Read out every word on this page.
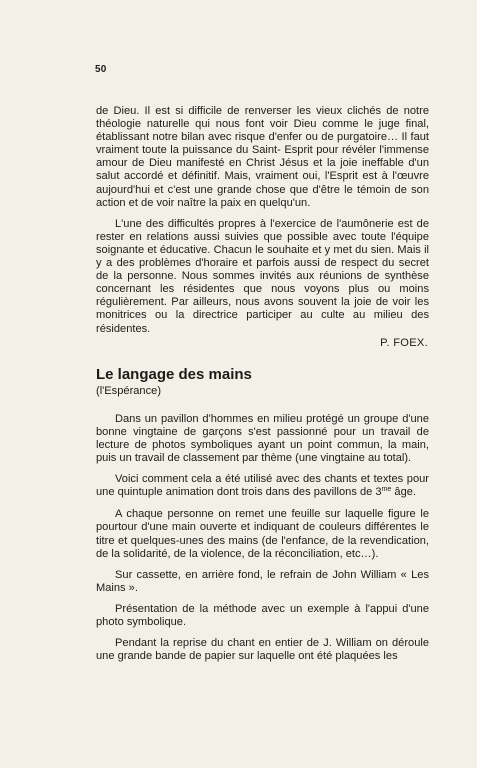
50

de Dieu. Il est si difficile de renverser les vieux clichés de notre théologie naturelle qui nous font voir Dieu comme le juge final, établissant notre bilan avec risque d'enfer ou de purgatoire… Il faut vraiment toute la puissance du Saint- Esprit pour révéler l'immense amour de Dieu manifesté en Christ Jésus et la joie ineffable d'un salut accordé et définitif. Mais, vraiment oui, l'Esprit est à l'œuvre aujourd'hui et c'est une grande chose que d'être le témoin de son action et de voir naître la paix en quelqu'un.

L'une des difficultés propres à l'exercice de l'aumônerie est de rester en relations aussi suivies que possible avec toute l'équipe soignante et éducative. Chacun le souhaite et y met du sien. Mais il y a des problèmes d'horaire et parfois aussi de respect du secret de la personne. Nous sommes invités aux réunions de synthèse concernant les résidentes que nous voyons plus ou moins régulièrement. Par ailleurs, nous avons souvent la joie de voir les monitrices ou la directrice participer au culte au milieu des résidentes.

P. FOEX.

Le langage des mains

(l'Espérance)

Dans un pavillon d'hommes en milieu protégé un groupe d'une bonne vingtaine de garçons s'est passionné pour un travail de lecture de photos symboliques ayant un point commun, la main, puis un travail de classement par thème (une vingtaine au total).

Voici comment cela a été utilisé avec des chants et textes pour une quintuple animation dont trois dans des pavillons de $3^{me}$ âge.

A chaque personne on remet une feuille sur laquelle figure le pourtour d'une main ouverte et indiquant de couleurs différentes le titre et quelques-unes des mains (de l'enfance, de la revendication, de la solidarité, de la violence, de la réconciliation, etc…).

Sur cassette, en arrière fond, le refrain de John William « Les Mains ».

Présentation de la méthode avec un exemple à l'appui d'une photo symbolique.

Pendant la reprise du chant en entier de J. William on déroule une grande bande de papier sur laquelle ont été plaquées les
